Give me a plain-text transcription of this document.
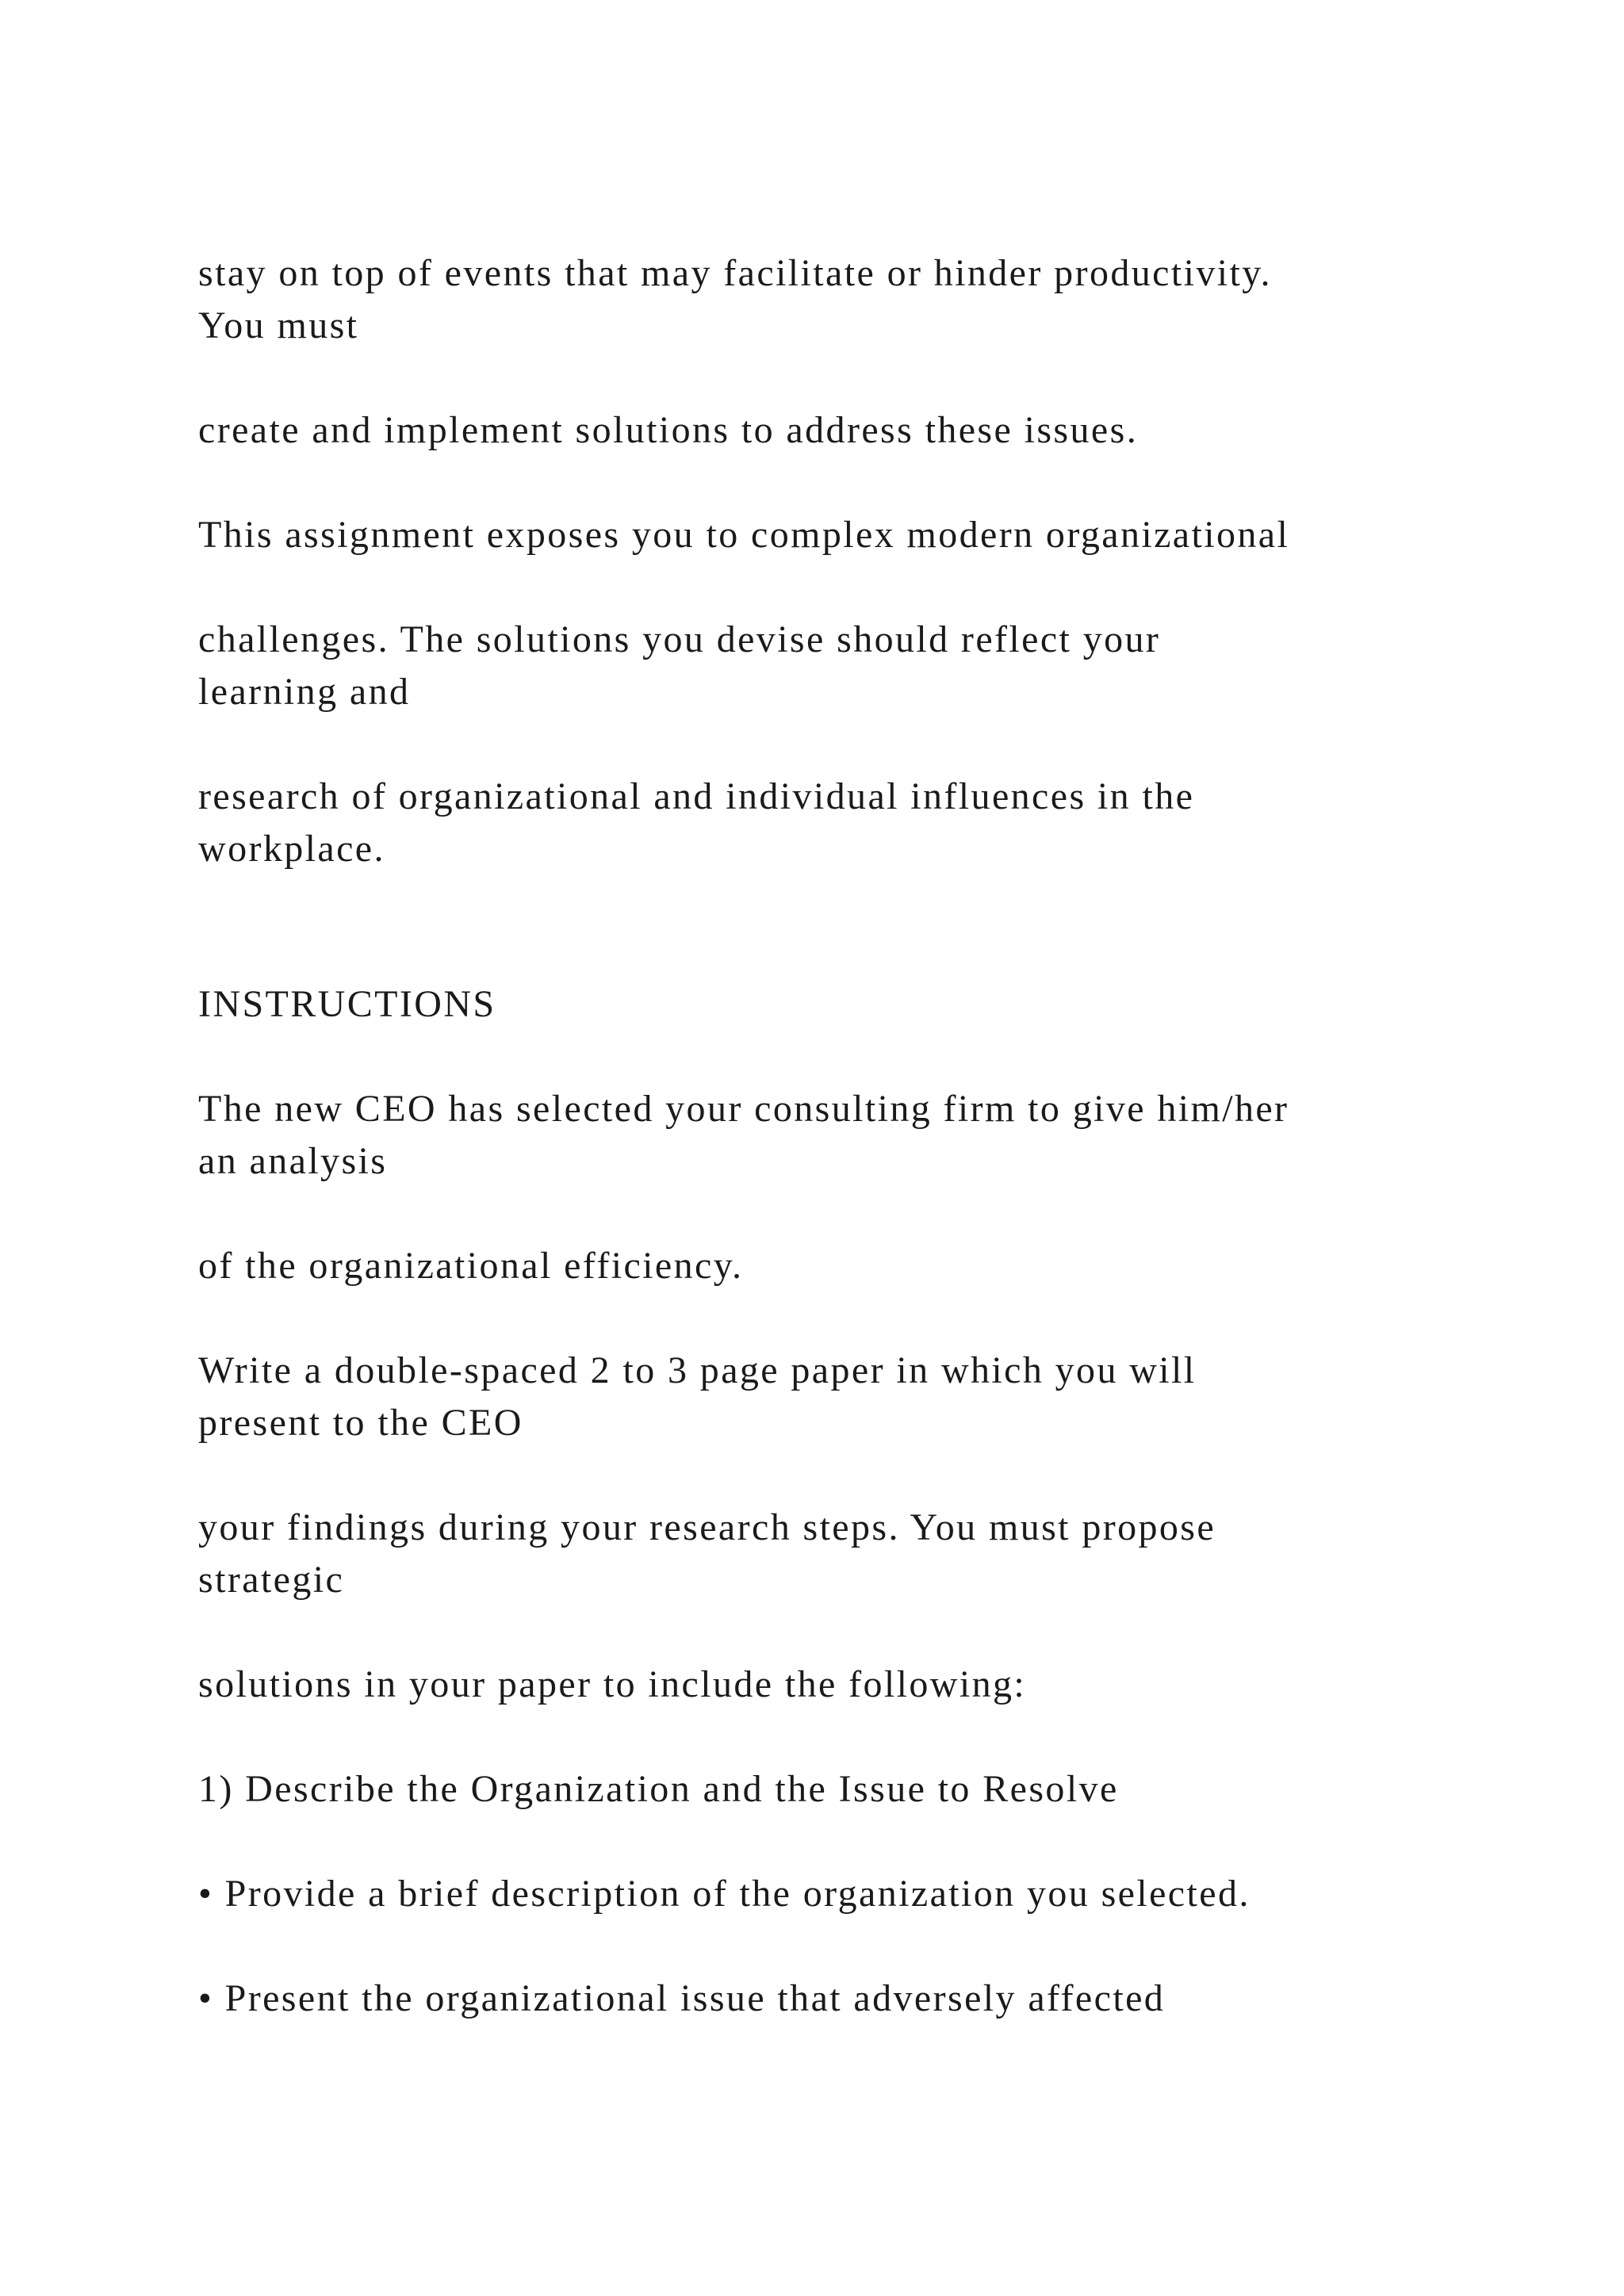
stay on top of events that may facilitate or hinder productivity.
You must

create and implement solutions to address these issues.

This assignment exposes you to complex modern organizational

challenges. The solutions you devise should reflect your
learning and

research of organizational and individual influences in the
workplace.

INSTRUCTIONS

The new CEO has selected your consulting firm to give him/her
an analysis

of the organizational efficiency.

Write a double-spaced 2 to 3 page paper in which you will
present to the CEO

your findings during your research steps. You must propose
strategic

solutions in your paper to include the following:

1) Describe the Organization and the Issue to Resolve

• Provide a brief description of the organization you selected.

• Present the organizational issue that adversely affected
